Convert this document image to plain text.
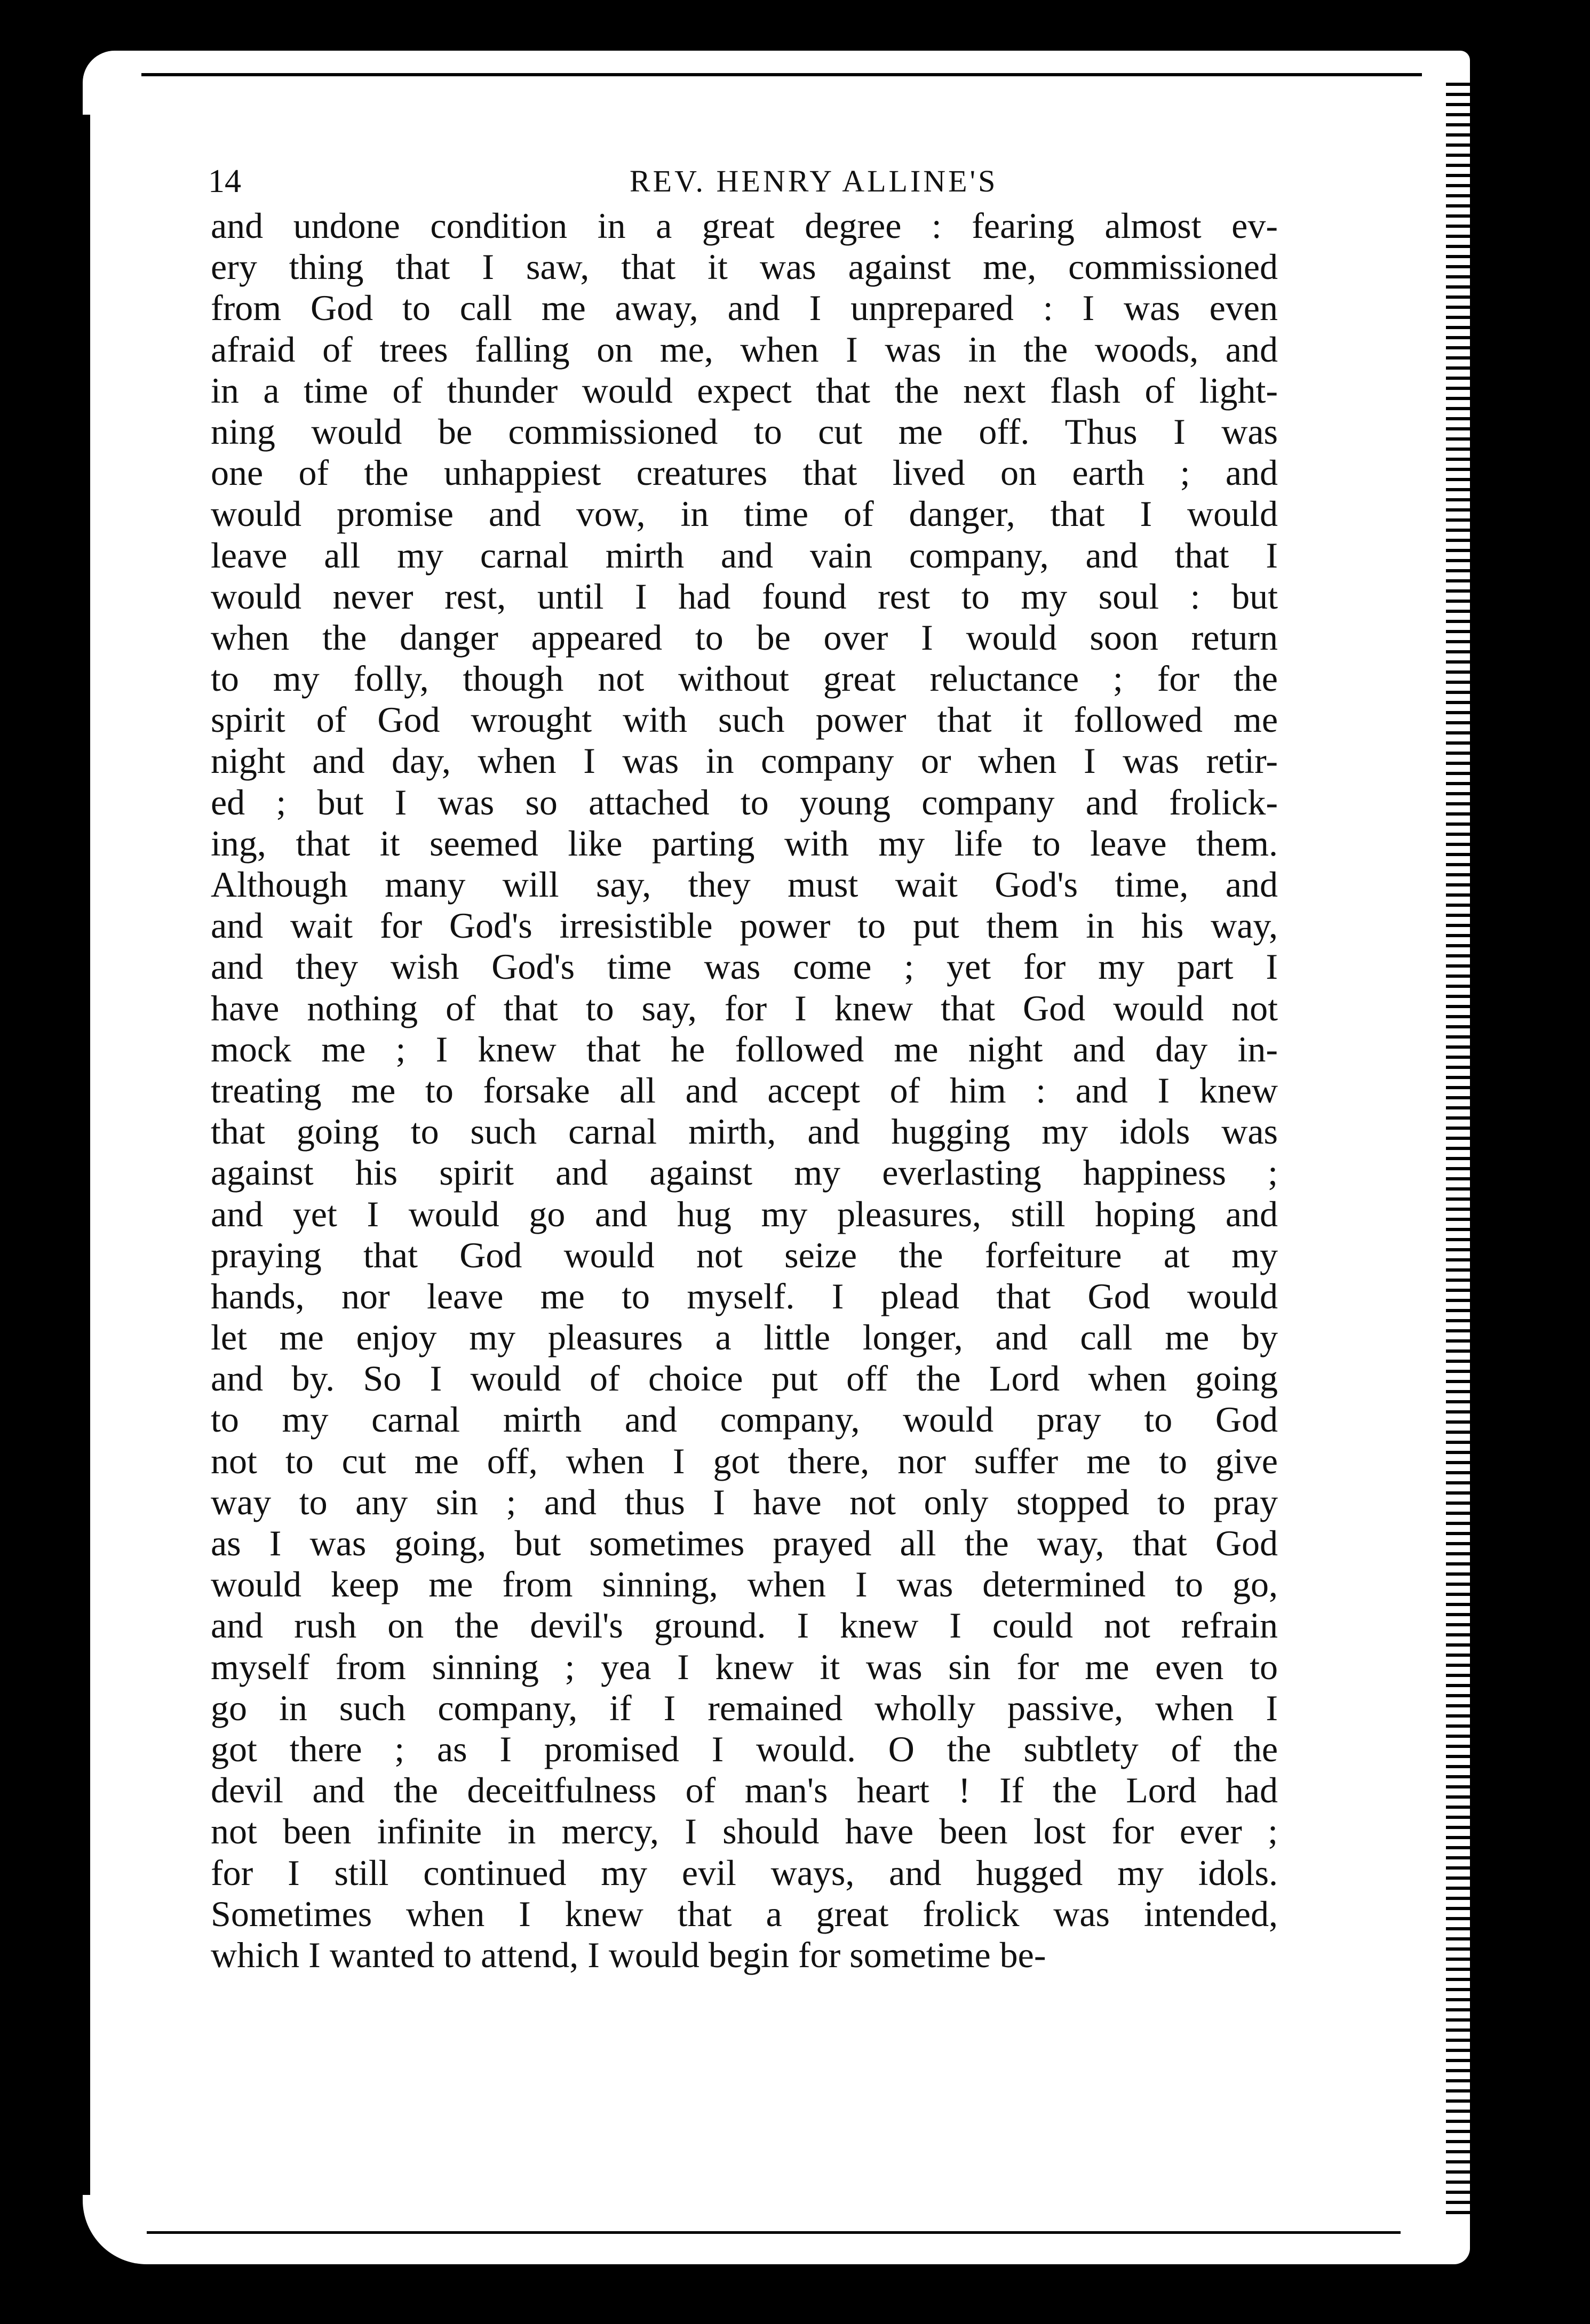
14	REV. HENRY ALLINE'S
and undone condition in a great degree : fearing almost ev-
ery thing that I saw, that it was against me, commissioned
from God to call me away, and I unprepared : I was even
afraid of trees falling on me, when I was in the woods, and
in a time of thunder would expect that the next flash of light-
ning would be commissioned to cut me off. Thus I was
one of the unhappiest creatures that lived on earth ; and
would promise and vow, in time of danger, that I would
leave all my carnal mirth and vain company, and that I
would never rest, until I had found rest to my soul : but
when the danger appeared to be over I would soon return
to my folly, though not without great reluctance ; for the
spirit of God wrought with such power that it followed me
night and day, when I was in company or when I was retir-
ed ; but I was so attached to young company and frolick-
ing, that it seemed like parting with my life to leave them.
Although many will say, they must wait God's time, and
and wait for God's irresistible power to put them in his way,
and they wish God's time was come ; yet for my part I
have nothing of that to say, for I knew that God would not
mock me ; I knew that he followed me night and day in-
treating me to forsake all and accept of him : and I knew
that going to such carnal mirth, and hugging my idols was
against his spirit and against my everlasting happiness ;
and yet I would go and hug my pleasures, still hoping and
praying that God would not seize the forfeiture at my
hands, nor leave me to myself. I plead that God would
let me enjoy my pleasures a little longer, and call me by
and by. So I would of choice put off the Lord when going
to my carnal mirth and company, would pray to God
not to cut me off, when I got there, nor suffer me to give
way to any sin ; and thus I have not only stopped to pray
as I was going, but sometimes prayed all the way, that God
would keep me from sinning, when I was determined to go,
and rush on the devil's ground. I knew I could not refrain
myself from sinning ; yea I knew it was sin for me even to
go in such company, if I remained wholly passive, when I
got there ; as I promised I would. O the subtlety of the
devil and the deceitfulness of man's heart ! If the Lord had
not been infinite in mercy, I should have been lost for ever ;
for I still continued my evil ways, and hugged my idols.
Sometimes when I knew that a great frolick was intended,
which I wanted to attend, I would begin for sometime be-
